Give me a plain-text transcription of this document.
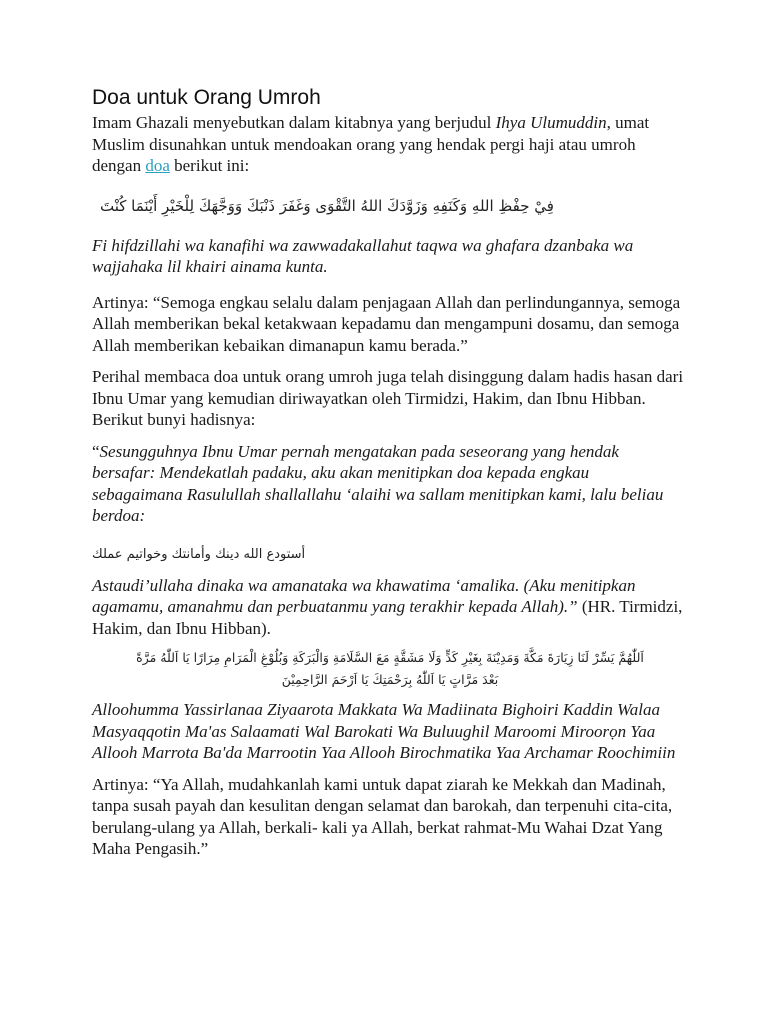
Doa untuk Orang Umroh

Imam Ghazali menyebutkan dalam kitabnya yang berjudul Ihya Ulumuddin, umat Muslim disunahkan untuk mendoakan orang yang hendak pergi haji atau umroh dengan doa berikut ini:

فِيْ حِفْظِ اللهِ وَكَنَفِهِ وَزَوَّدَكَ اللهُ التَّقْوَى وَغَفَرَ ذَنْبَكَ وَوَجَّهَكَ لِلْخَيْرِ أَيْنَمَا كُنْتَ

Fi hifdzillahi wa kanafihi wa zawwadakallahut taqwa wa ghafara dzanbaka wa wajjahaka lil khairi ainama kunta.

Artinya: “Semoga engkau selalu dalam penjagaan Allah dan perlindungannya, semoga Allah memberikan bekal ketakwaan kepadamu dan mengampuni dosamu, dan semoga Allah memberikan kebaikan dimanapun kamu berada.”

Perihal membaca doa untuk orang umroh juga telah disinggung dalam hadis hasan dari Ibnu Umar yang kemudian diriwayatkan oleh Tirmidzi, Hakim, dan Ibnu Hibban. Berikut bunyi hadisnya:

“Sesungguhnya Ibnu Umar pernah mengatakan pada seseorang yang hendak bersafar: Mendekatlah padaku, aku akan menitipkan doa kepada engkau sebagaimana Rasulullah shallallahu ‘alaihi wa sallam menitipkan kami, lalu beliau berdoa:

أستودع الله دينك وأمانتك وخواتيم عملك

Astaudi’ullaha dinaka wa amanataka wa khawatima ‘amalika. (Aku menitipkan agamamu, amanahmu dan perbuatanmu yang terakhir kepada Allah).” (HR. Tirmidzi, Hakim, dan Ibnu Hibban).

اَللّٰهُمَّ يَسِّرْ لَنَا زِيَارَةَ مَكَّةَ وَمَدِيْنَةَ بِغَيْرِ كَدٍّ وَلَا مَشَقَّةٍ مَعَ السَّلَامَةِ وَالْبَرَكَةِ وَبُلُوْغِ الْمَرَامِ مِرَارًا يَا اَللّٰهُ مَرَّةً
بَعْدَ مَرَّاتٍ يَا اَللّٰهُ بِرَحْمَتِكَ يَا اَرْحَمَ الرَّاحِمِيْنَ

Alloohumma Yassirlanaa Ziyaarota Makkata Wa Madiinata Bighoiri Kaddin Walaa Masyaqqotin Ma'as Salaamati Wal Barokati Wa Buluughil Maroomi Miroorọn Yaa Allooh Marrota Ba'da Marrootin Yaa Allooh Birochmatika Yaa Archamar Roochimiin

Artinya: “Ya Allah, mudahkanlah kami untuk dapat ziarah ke Mekkah dan Madinah, tanpa susah payah dan kesulitan dengan selamat dan barokah, dan terpenuhi cita-cita, berulang-ulang ya Allah, berkali- kali ya Allah, berkat rahmat-Mu Wahai Dzat Yang Maha Pengasih.”
